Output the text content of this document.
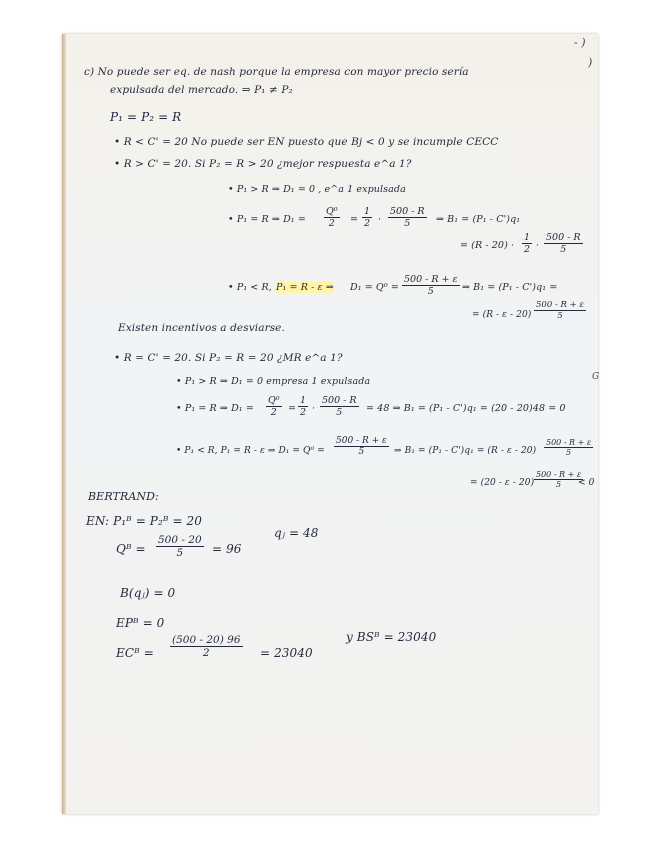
c) No puede ser eq. de nash porque la empresa con mayor precio sería
expulsada del mercado. ⇒ P₁ ≠ P₂
P₁ = P₂ = R
• R < C' = 20 No puede ser EN puesto que Bj < 0 y se incumple CECC
• R > C' = 20. Si P₂ = R > 20 ¿mejor respuesta e^a 1?
• P₁ > R ⇒ D₁ = 0 , e^a 1 expulsada
• P₁ = R ⇒ $D_1 = \frac{\text{Q⁰}}{2} = \frac{1}{2} \cdot \frac{500 - R}{5}$ ⇒ B₁ = (P₁ - C')q₁
= $(R - 20) \cdot \frac{1}{2} \cdot \frac{500 - R}{5}$
• P₁ < R, P₁ = R - ε ⇒ $D_1 = Q^0 = \frac{500 - R + \varepsilon}{5}$ ⇒ B₁ = (P₁ - C')q₁ =
= (R - ε - $20) \frac{500 - R + \varepsilon}{5}$
Existen incentivos a desviarse.
• R = C' = 20. Si P₂ = R = 20 ¿MR e^a 1?
• P₁ > R ⇒ D₁ = 0 empresa 1 expulsada
• P₁ = R ⇒ $D_1 = \frac{\text{Q⁰}}{2} = \frac{1}{2} \cdot \frac{500 - R}{5} = 48$ ⇒ B₁ = (P₁ - C')q₁ = (20 - 20)48 = 0
• P₁ < R, P₁ = R - ε ⇒ $D_1 = Q^0 = \frac{500 - R + \varepsilon}{5}$ ⇒ $B_1 = (P_1 - C')q_1 = (R - \varepsilon - 20) \frac{500 - R + \varepsilon}{5}$
= (20 - ε - $20) \frac{500 - R + \varepsilon}{5}$
< 0
BERTRAND:
EN: P₁ᴮ = P₂ᴮ = 20
Qᴮ = $\frac{500 - 20}{5} = 96$
qⱼ = 48
B(qⱼ) = 0
EPᴮ = 0
ECᴮ = $\frac{(500 - 20) 96}{2} = 23040$
y BSᴮ = 23040
- )
)
G
